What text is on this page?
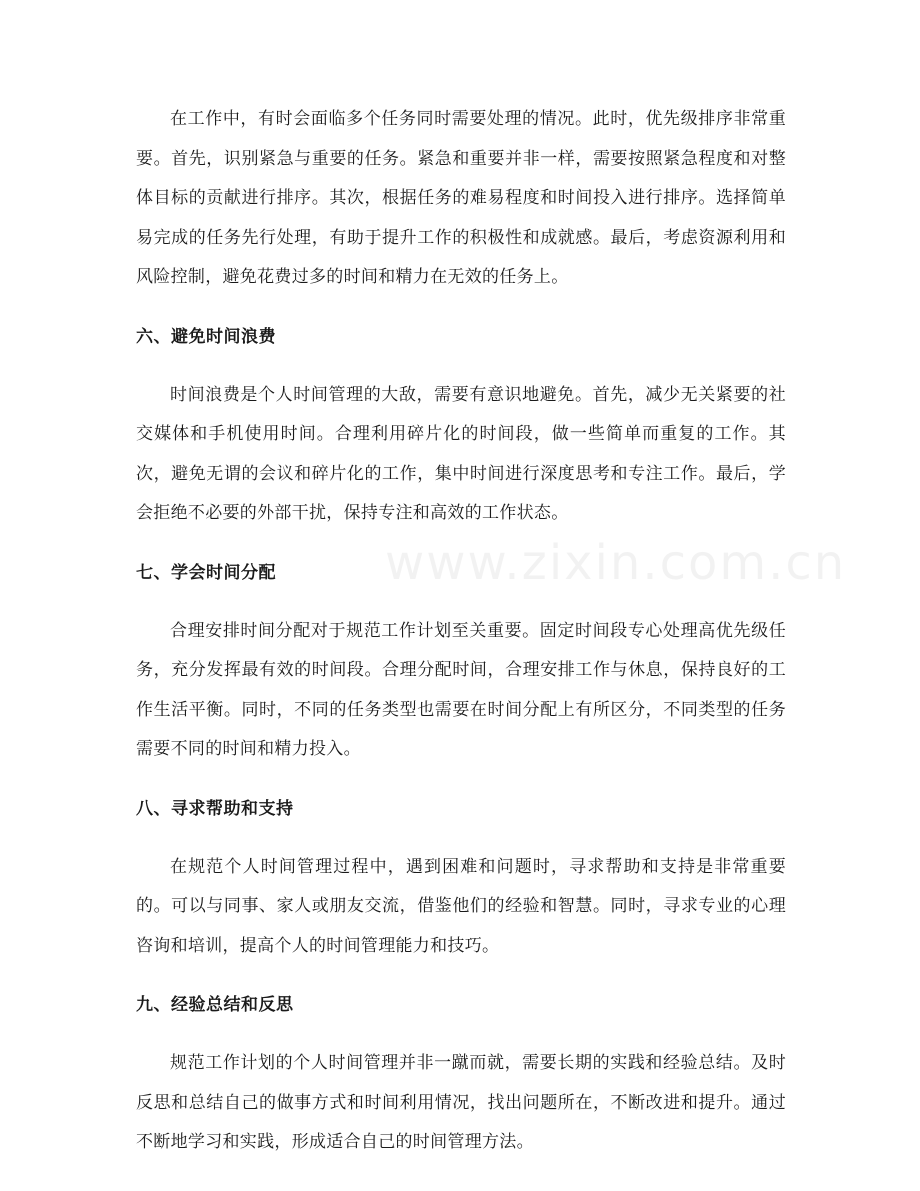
www.zixin.com.cn

在工作中，有时会面临多个任务同时需要处理的情况。此时，优先级排序非常重要。首先，识别紧急与重要的任务。紧急和重要并非一样，需要按照紧急程度和对整体目标的贡献进行排序。其次，根据任务的难易程度和时间投入进行排序。选择简单易完成的任务先行处理，有助于提升工作的积极性和成就感。最后，考虑资源利用和风险控制，避免花费过多的时间和精力在无效的任务上。

六、避免时间浪费

时间浪费是个人时间管理的大敌，需要有意识地避免。首先，减少无关紧要的社交媒体和手机使用时间。合理利用碎片化的时间段，做一些简单而重复的工作。其次，避免无谓的会议和碎片化的工作，集中时间进行深度思考和专注工作。最后，学会拒绝不必要的外部干扰，保持专注和高效的工作状态。

七、学会时间分配

合理安排时间分配对于规范工作计划至关重要。固定时间段专心处理高优先级任务，充分发挥最有效的时间段。合理分配时间，合理安排工作与休息，保持良好的工作生活平衡。同时，不同的任务类型也需要在时间分配上有所区分，不同类型的任务需要不同的时间和精力投入。

八、寻求帮助和支持

在规范个人时间管理过程中，遇到困难和问题时，寻求帮助和支持是非常重要的。可以与同事、家人或朋友交流，借鉴他们的经验和智慧。同时，寻求专业的心理咨询和培训，提高个人的时间管理能力和技巧。

九、经验总结和反思

规范工作计划的个人时间管理并非一蹴而就，需要长期的实践和经验总结。及时反思和总结自己的做事方式和时间利用情况，找出问题所在，不断改进和提升。通过不断地学习和实践，形成适合自己的时间管理方法。
